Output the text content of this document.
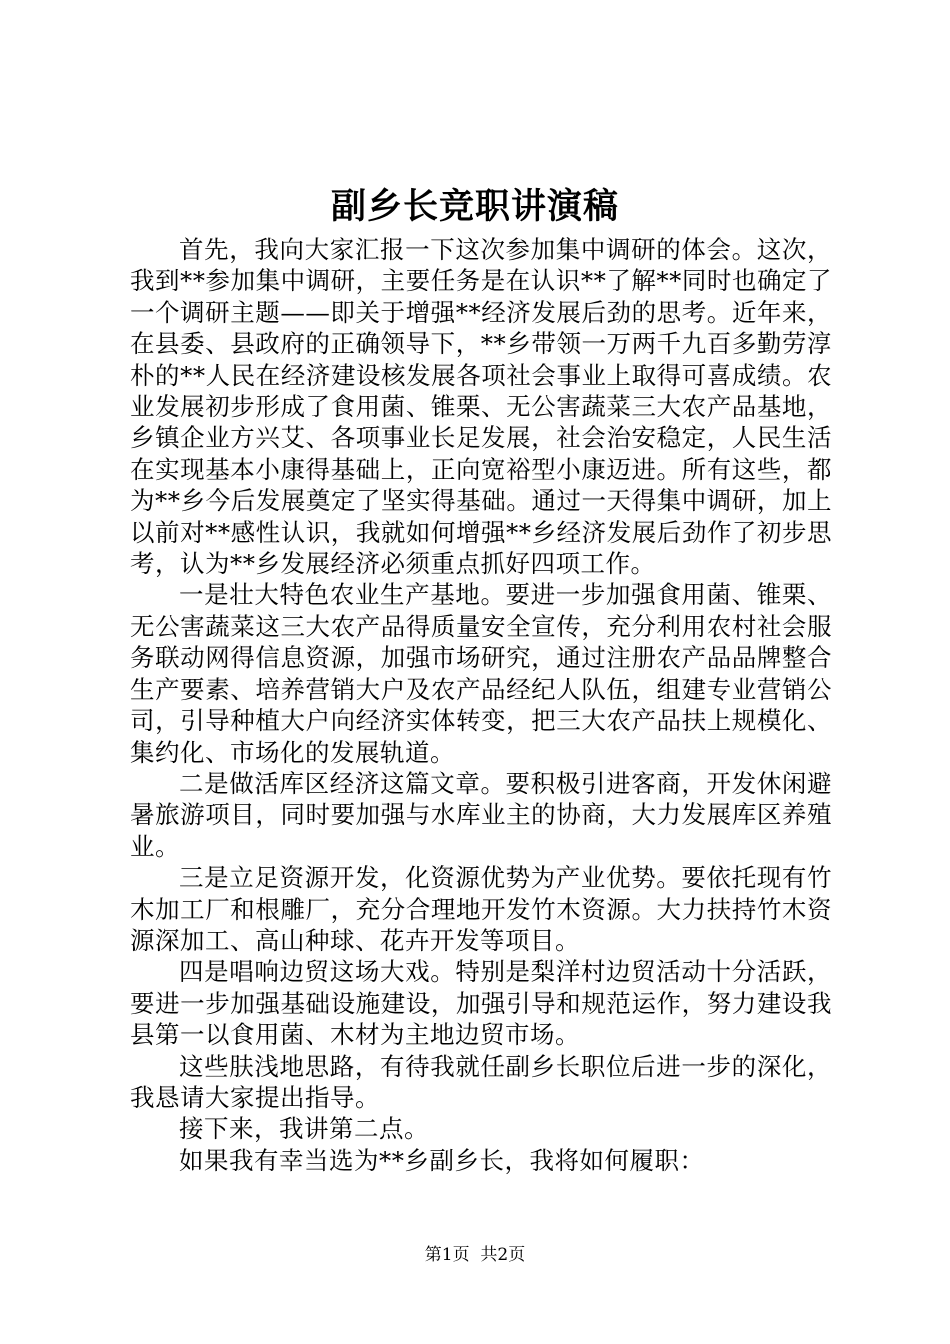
副乡长竞职讲演稿

首先，我向大家汇报一下这次参加集中调研的体会。这次，我到**参加集中调研，主要任务是在认识**了解**同时也确定了一个调研主题——即关于增强**经济发展后劲的思考。近年来，在县委、县政府的正确领导下，**乡带领一万两千九百多勤劳淳朴的**人民在经济建设核发展各项社会事业上取得可喜成绩。农业发展初步形成了食用菌、锥栗、无公害蔬菜三大农产品基地，乡镇企业方兴艾、各项事业长足发展，社会治安稳定，人民生活在实现基本小康得基础上，正向宽裕型小康迈进。所有这些，都为**乡今后发展奠定了坚实得基础。通过一天得集中调研，加上以前对**感性认识，我就如何增强**乡经济发展后劲作了初步思考，认为**乡发展经济必须重点抓好四项工作。

一是壮大特色农业生产基地。要进一步加强食用菌、锥栗、无公害蔬菜这三大农产品得质量安全宣传，充分利用农村社会服务联动网得信息资源，加强市场研究，通过注册农产品品牌整合生产要素、培养营销大户及农产品经纪人队伍，组建专业营销公司，引导种植大户向经济实体转变，把三大农产品扶上规模化、集约化、市场化的发展轨道。

二是做活库区经济这篇文章。要积极引进客商，开发休闲避暑旅游项目，同时要加强与水库业主的协商，大力发展库区养殖业。

三是立足资源开发，化资源优势为产业优势。要依托现有竹木加工厂和根雕厂，充分合理地开发竹木资源。大力扶持竹木资源深加工、高山种球、花卉开发等项目。

四是唱响边贸这场大戏。特别是梨洋村边贸活动十分活跃，要进一步加强基础设施建设，加强引导和规范运作，努力建设我县第一以食用菌、木材为主地边贸市场。

这些肤浅地思路，有待我就任副乡长职位后进一步的深化，我恳请大家提出指导。

接下来，我讲第二点。

如果我有幸当选为**乡副乡长，我将如何履职：

第1页 共2页
